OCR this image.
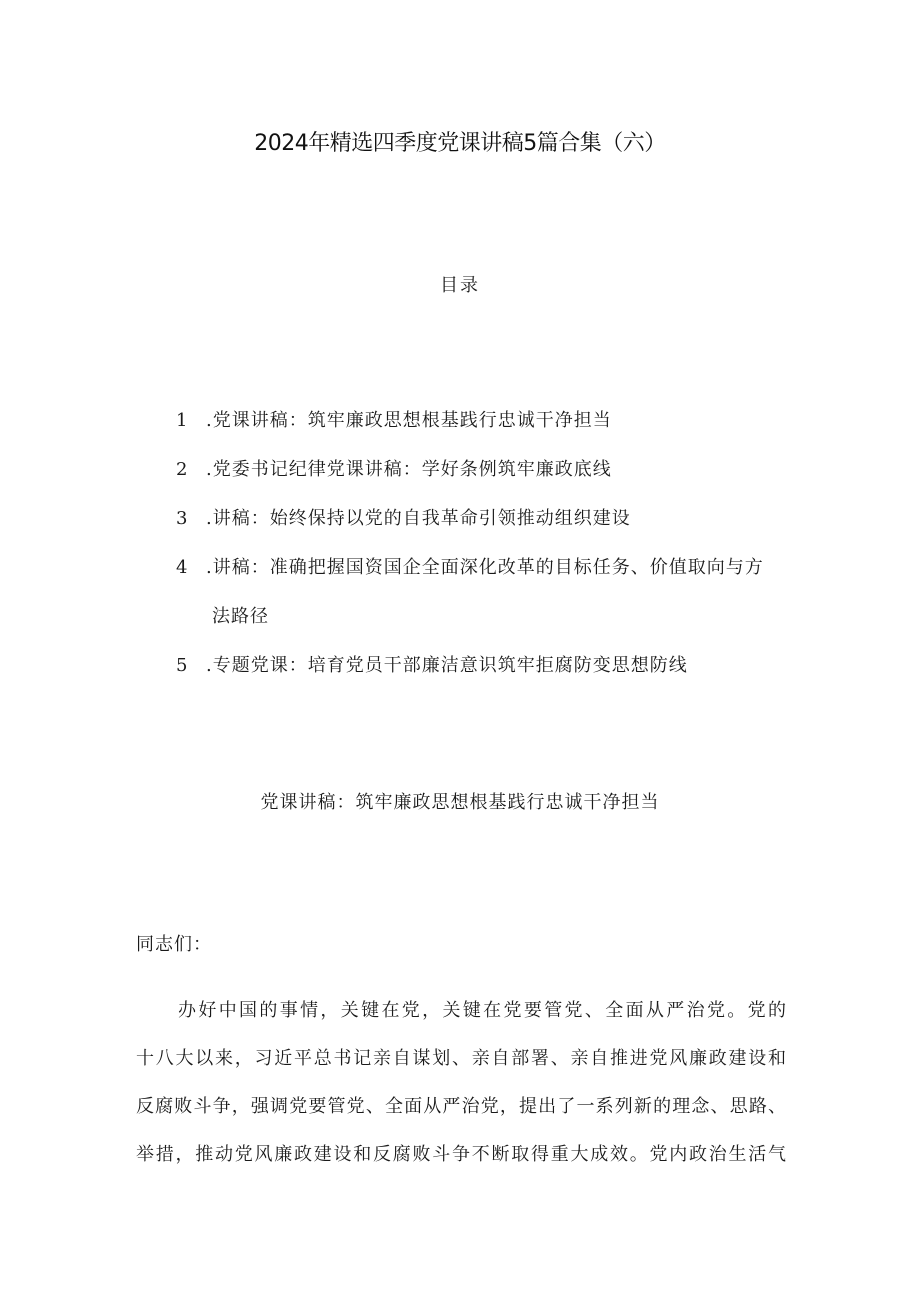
2024年精选四季度党课讲稿5篇合集（六）
目录
1 .党课讲稿：筑牢廉政思想根基践行忠诚干净担当
2 .党委书记纪律党课讲稿：学好条例筑牢廉政底线
3 .讲稿：始终保持以党的自我革命引领推动组织建设
4 .讲稿：准确把握国资国企全面深化改革的目标任务、价值取向与方
法路径
5 .专题党课：培育党员干部廉洁意识筑牢拒腐防变思想防线
党课讲稿：筑牢廉政思想根基践行忠诚干净担当
同志们：
办好中国的事情，关键在党，关键在党要管党、全面从严治党。党的
十八大以来，习近平总书记亲自谋划、亲自部署、亲自推进党风廉政建设和
反腐败斗争，强调党要管党、全面从严治党，提出了一系列新的理念、思路、
举措，推动党风廉政建设和反腐败斗争不断取得重大成效。党内政治生活气
